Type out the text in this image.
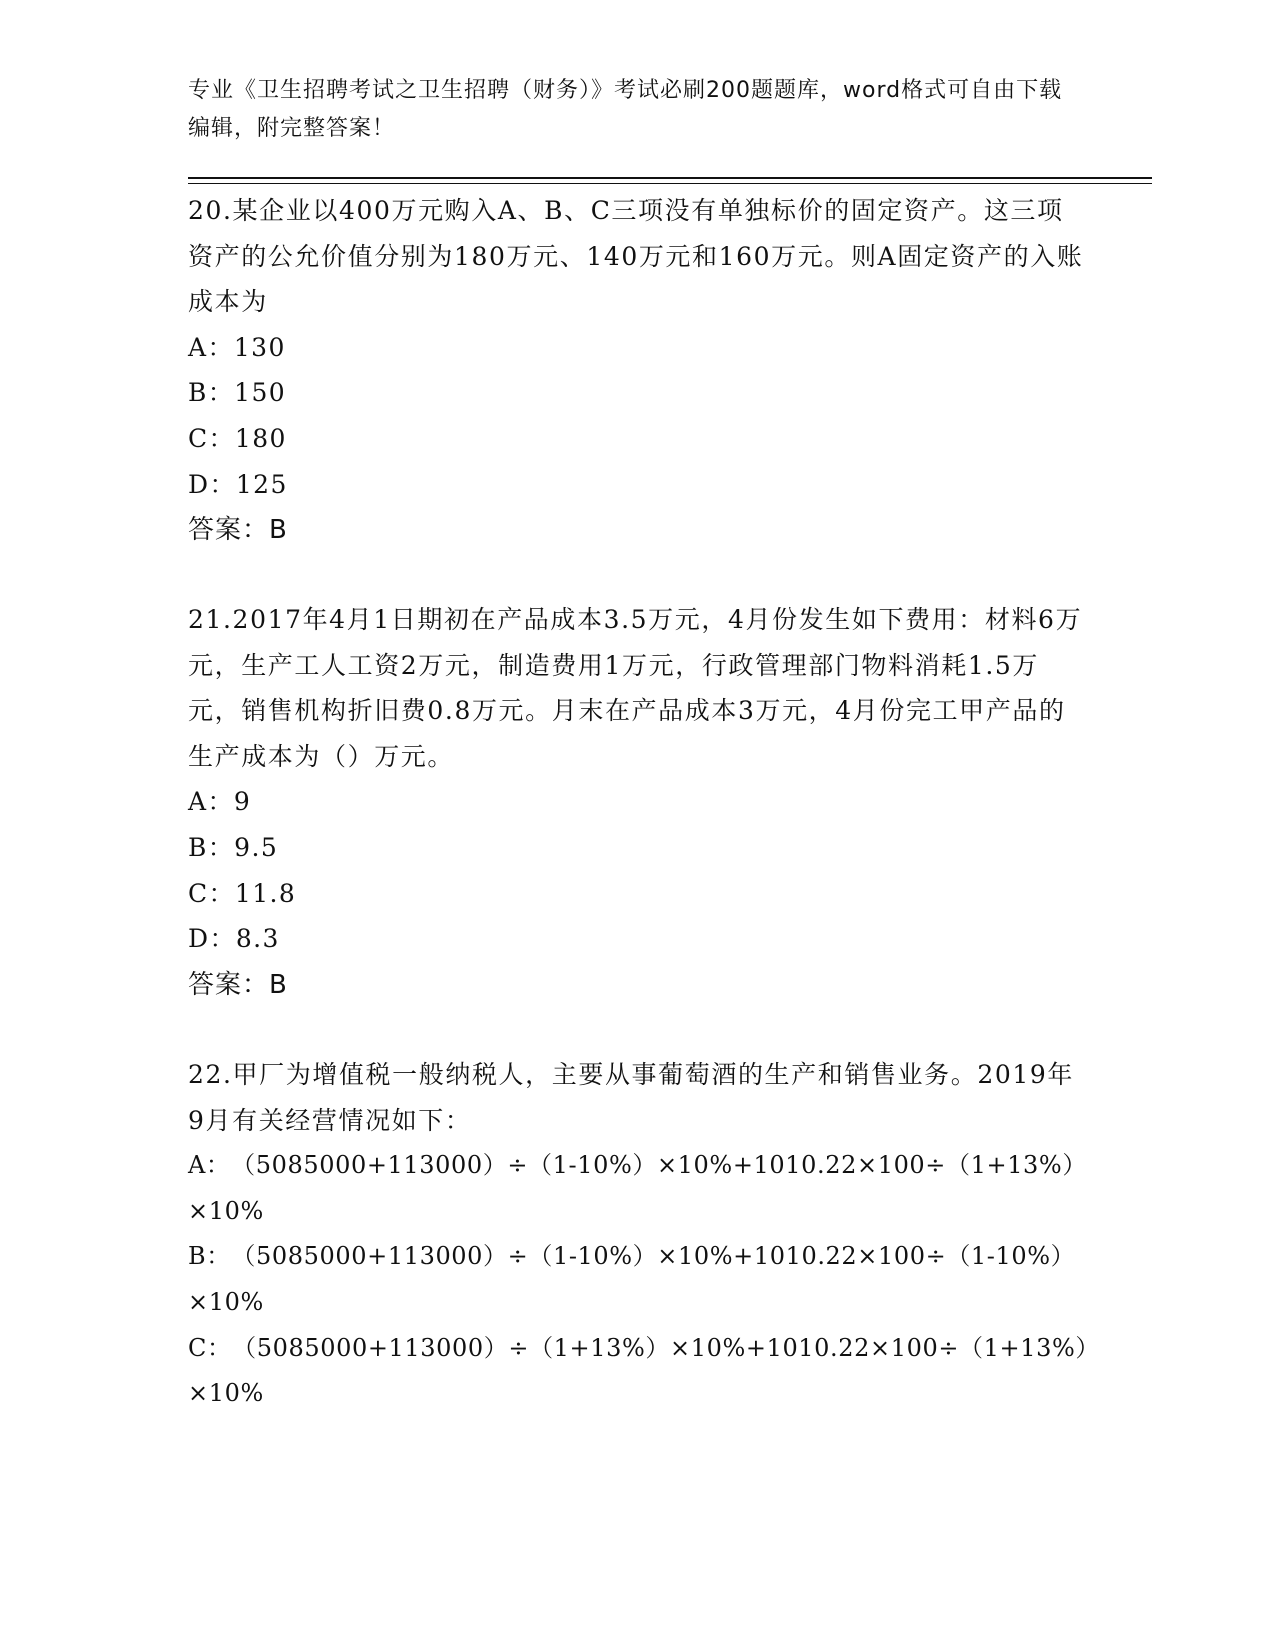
专业《卫生招聘考试之卫生招聘（财务）》考试必刷200题题库，word格式可自由下载编辑，附完整答案！

20.某企业以400万元购入A、B、C三项没有单独标价的固定资产。这三项资产的公允价值分别为180万元、140万元和160万元。则A固定资产的入账成本为

A：130

B：150

C：180

D：125

答案：B

21.2017年4月1日期初在产品成本3.5万元，4月份发生如下费用：材料6万元，生产工人工资2万元，制造费用1万元，行政管理部门物料消耗1.5万元，销售机构折旧费0.8万元。月末在产品成本3万元，4月份完工甲产品的生产成本为（）万元。

A：9

B：9.5

C：11.8

D：8.3

答案：B

22.甲厂为增值税一般纳税人，主要从事葡萄酒的生产和销售业务。2019年9月有关经营情况如下：

A：　（5085000+113000）÷（1-10%）×10%+1010.22×100÷（1+13%）×10%

B：　（5085000+113000）÷（1-10%）×10%+1010.22×100÷（1-10%）×10%

C：　（5085000+113000）÷（1+13%）×10%+1010.22×100÷（1+13%）×10%
